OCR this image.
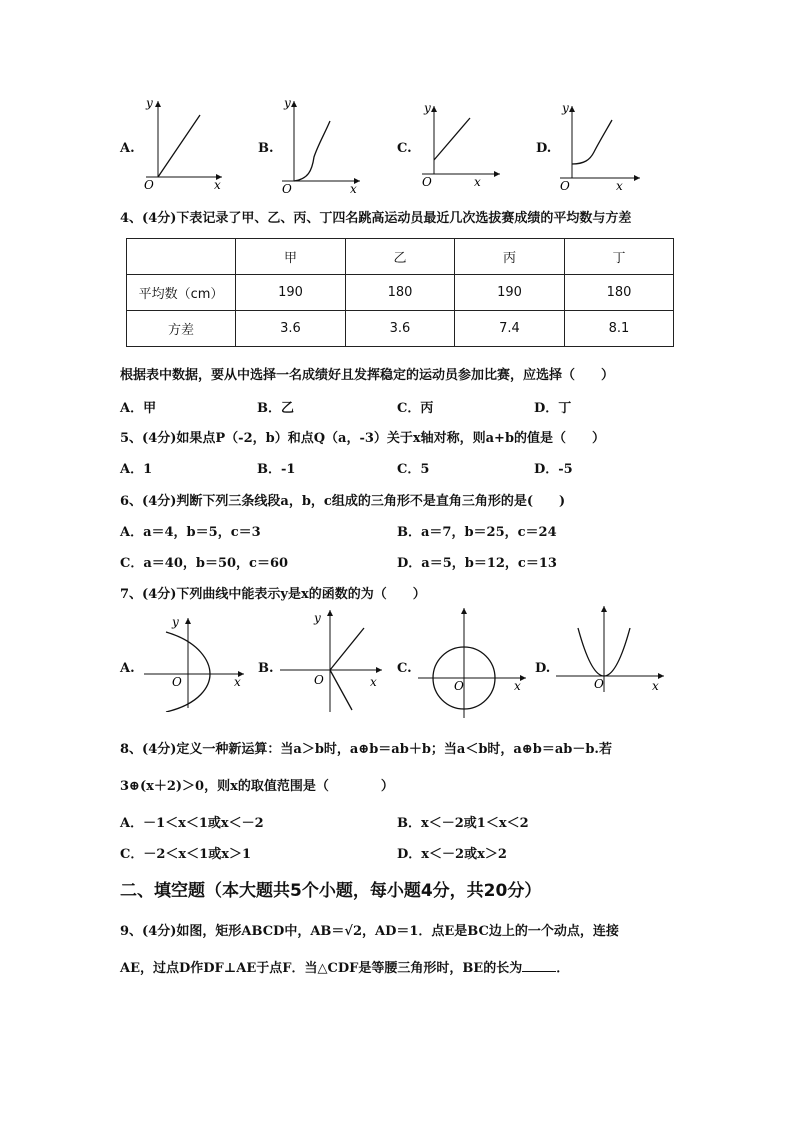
A.
y
x
O
B.
y
x
O
C.
y
x
O
D.
y
x
O
4、(4分)下表记录了甲、乙、丙、丁四名跳高运动员最近几次选拔赛成绩的平均数与方差
	甲	乙	丙	丁
平均数（cm）	190	180	190	180
方差	3.6	3.6	7.4	8.1
根据表中数据，要从中选择一名成绩好且发挥稳定的运动员参加比赛，应选择（　　）
A．甲	B．乙	C．丙	D．丁
5、(4分)如果点P（-2，b）和点Q（a，-3）关于x轴对称，则a+b的值是（　　）
A．1	B．-1	C．5	D．-5
6、(4分)判断下列三条线段a，b，c组成的三角形不是直角三角形的是(　　)
A．a＝4，b＝5，c＝3	B．a＝7，b＝25，c＝24
C．a＝40，b＝50，c＝60	D．a＝5，b＝12，c＝13
7、(4分)下列曲线中能表示y是x的函数的为（　　）
A.
y
x
O
B.
y
x
O
C.
O	x
D.
O	x
8、(4分)定义一种新运算：当a＞b时，a⊕b＝ab＋b；当a＜b时，a⊕b＝ab－b.若
3⊕(x＋2)＞0，则x的取值范围是（　　　　）
A．－1＜x＜1或x＜－2	B．x＜－2或1＜x＜2
C．－2＜x＜1或x＞1	D．x＜－2或x＞2
二、填空题（本大题共5个小题，每小题4分，共20分）
9、(4分)如图，矩形ABCD中，AB＝√2，AD＝1．点E是BC边上的一个动点，连接
AE，过点D作DF⊥AE于点F．当△CDF是等腰三角形时，BE的长为	．
